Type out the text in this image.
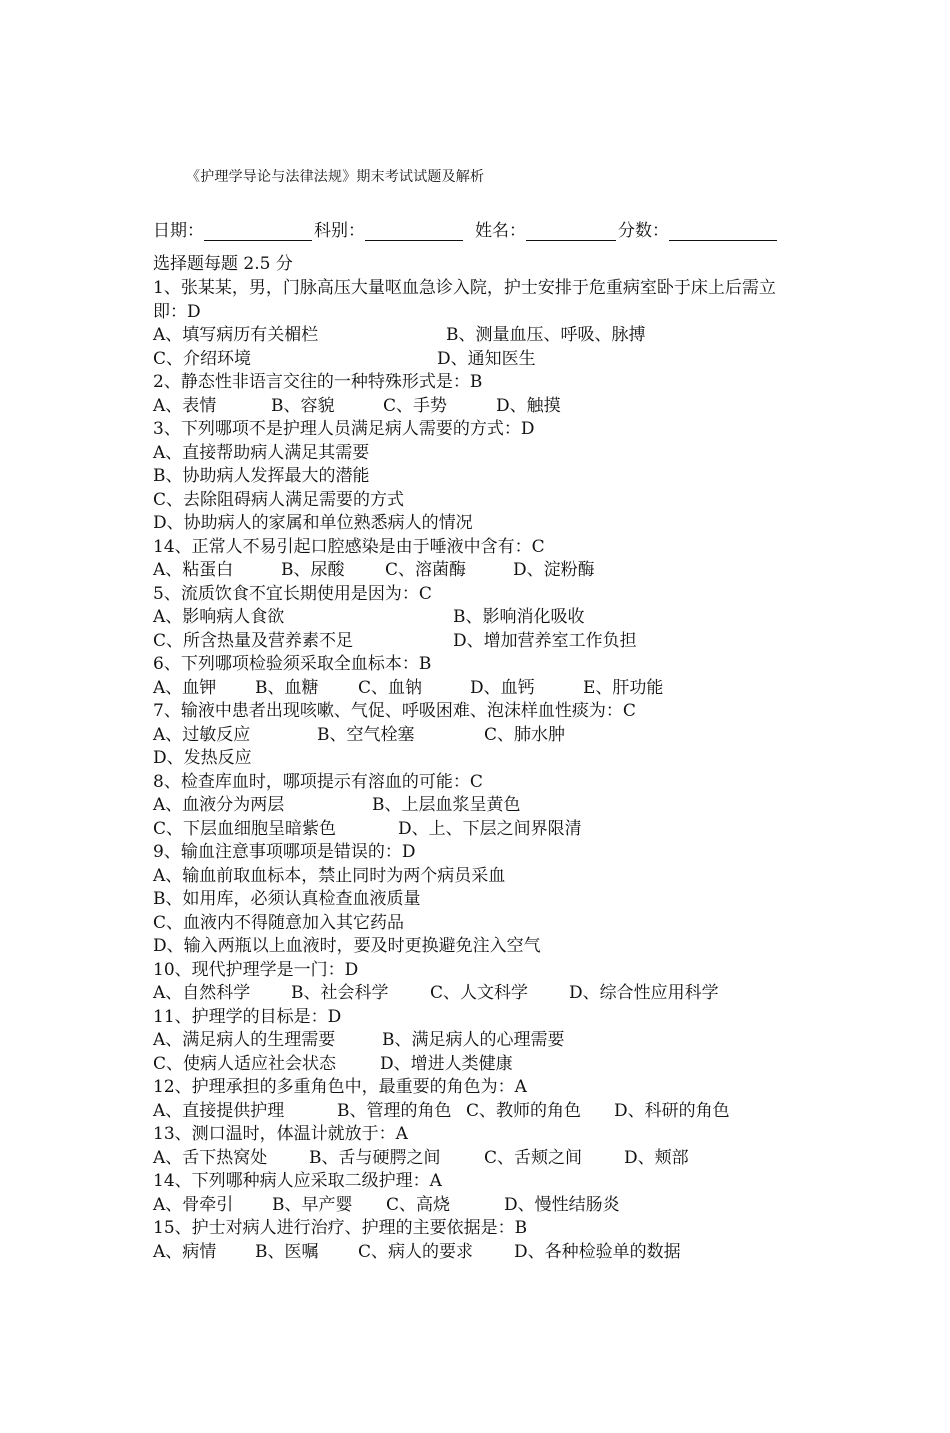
《护理学导论与法律法规》期末考试试题及解析
日期：	科别：	姓名：	分数：
选择题每题 2.5 分
1、张某某，男，门脉高压大量呕血急诊入院，护士安排于危重病室卧于床上后需立
即：D
A、填写病历有关楣栏	B、测量血压、呼吸、脉搏
C、介绍环境	D、通知医生
2、静态性非语言交往的一种特殊形式是：B
A、表情	B、容貌	C、手势	D、触摸
3、下列哪项不是护理人员满足病人需要的方式：D
A、直接帮助病人满足其需要
B、协助病人发挥最大的潜能
C、去除阻碍病人满足需要的方式
D、协助病人的家属和单位熟悉病人的情况
14、正常人不易引起口腔感染是由于唾液中含有：C
A、粘蛋白	B、尿酸 C、溶菌酶	D、淀粉酶
5、流质饮食不宜长期使用是因为：C
A、影响病人食欲	B、影响消化吸收
C、所含热量及营养素不足	D、增加营养室工作负担
6、下列哪项检验须采取全血标本：B
A、血钾 B、血糖 C、血钠	D、血钙	E、肝功能
7、输液中患者出现咳嗽、气促、呼吸困难、泡沫样血性痰为：C
A、过敏反应	B、空气栓塞	C、肺水肿
D、发热反应
8、检查库血时，哪项提示有溶血的可能：C
A、血液分为两层	B、上层血浆呈黄色
C、下层血细胞呈暗紫色	D、上、下层之间界限清
9、输血注意事项哪项是错误的：D
A、输血前取血标本，禁止同时为两个病员采血
B、如用库，必须认真检查血液质量
C、血液内不得随意加入其它药品
D、输入两瓶以上血液时，要及时更换避免注入空气
10、现代护理学是一门：D
A、自然科学 B、社会科学 C、人文科学 D、综合性应用科学
11、护理学的目标是：D
A、满足病人的生理需要	B、满足病人的心理需要
C、使病人适应社会状态	D、增进人类健康
12、护理承担的多重角色中，最重要的角色为：A
A、直接提供护理	B、管理的角色 C、教师的角色 D、科研的角色
13、测口温时，体温计就放于：A
A、舌下热窝处 B、舌与硬腭之间	C、舌颊之间 D、颊部
14、下列哪种病人应采取二级护理：A
A、骨牵引 B、早产婴 C、高烧	D、慢性结肠炎
15、护士对病人进行治疗、护理的主要依据是：B
A、病情 B、医嘱 C、病人的要求 D、各种检验单的数据
